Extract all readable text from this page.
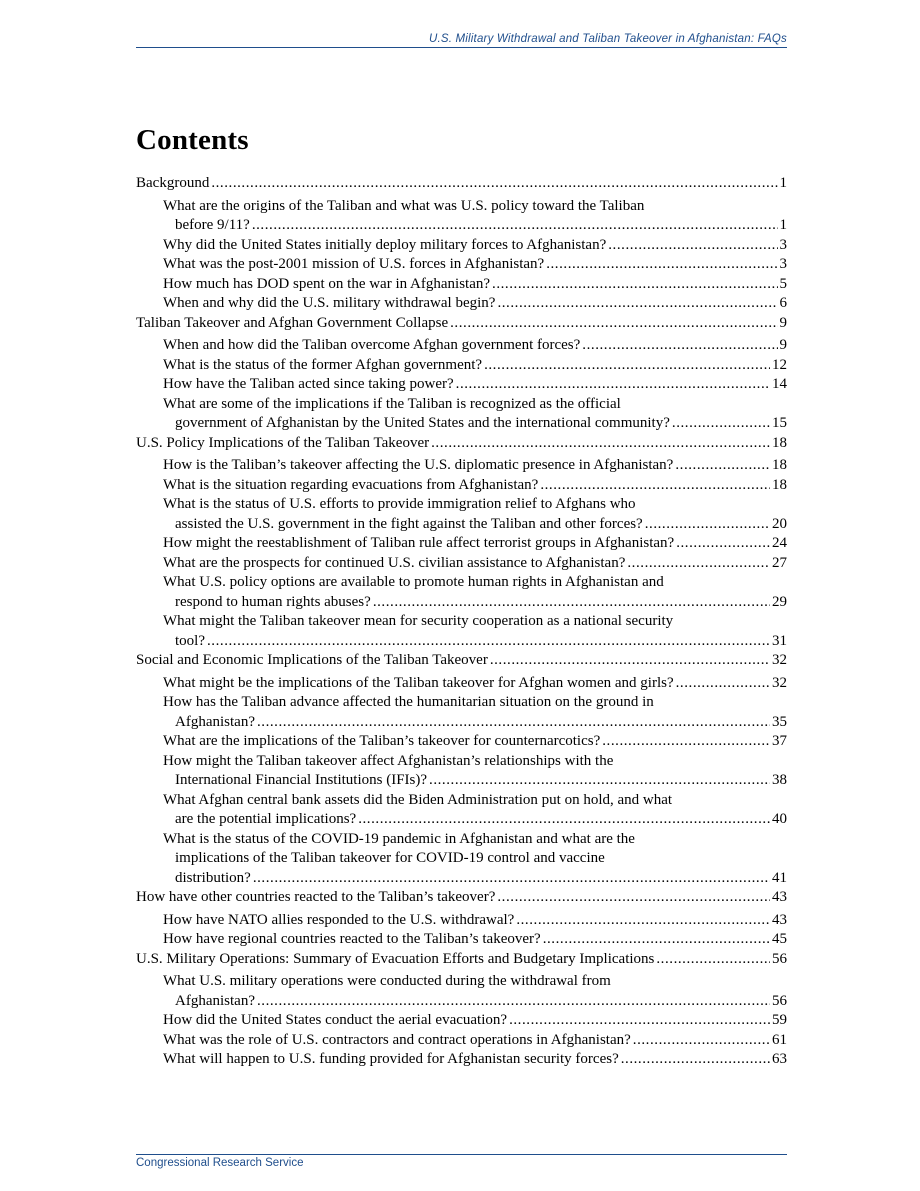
U.S. Military Withdrawal and Taliban Takeover in Afghanistan: FAQs
Contents
Background . . .	1
What are the origins of the Taliban and what was U.S. policy toward the Taliban
before 9/11? . . .	1
Why did the United States initially deploy military forces to Afghanistan? . . .	3
What was the post-2001 mission of U.S. forces in Afghanistan? . . .	3
How much has DOD spent on the war in Afghanistan? . . .	5
When and why did the U.S. military withdrawal begin? . . .	6
Taliban Takeover and Afghan Government Collapse . . .	9
When and how did the Taliban overcome Afghan government forces? . . .	9
What is the status of the former Afghan government? . . .	12
How have the Taliban acted since taking power? . . .	14
What are some of the implications if the Taliban is recognized as the official
government of Afghanistan by the United States and the international community? . . .	15
U.S. Policy Implications of the Taliban Takeover . . .	18
How is the Taliban’s takeover affecting the U.S. diplomatic presence in Afghanistan? . . .	18
What is the situation regarding evacuations from Afghanistan? . . .	18
What is the status of U.S. efforts to provide immigration relief to Afghans who
assisted the U.S. government in the fight against the Taliban and other forces? . . .	20
How might the reestablishment of Taliban rule affect terrorist groups in Afghanistan? . . .	24
What are the prospects for continued U.S. civilian assistance to Afghanistan? . . .	27
What U.S. policy options are available to promote human rights in Afghanistan and
respond to human rights abuses? . . .	29
What might the Taliban takeover mean for security cooperation as a national security
tool? . . .	31
Social and Economic Implications of the Taliban Takeover . . .	32
What might be the implications of the Taliban takeover for Afghan women and girls? . . .	32
How has the Taliban advance affected the humanitarian situation on the ground in
Afghanistan? . . .	35
What are the implications of the Taliban’s takeover for counternarcotics? . . .	37
How might the Taliban takeover affect Afghanistan’s relationships with the
International Financial Institutions (IFIs)? . . .	38
What Afghan central bank assets did the Biden Administration put on hold, and what
are the potential implications? . . .	40
What is the status of the COVID-19 pandemic in Afghanistan and what are the
implications of the Taliban takeover for COVID-19 control and vaccine
distribution? . . .	41
How have other countries reacted to the Taliban’s takeover? . . .	43
How have NATO allies responded to the U.S. withdrawal? . . .	43
How have regional countries reacted to the Taliban’s takeover? . . .	45
U.S. Military Operations: Summary of Evacuation Efforts and Budgetary Implications . . .	56
What U.S. military operations were conducted during the withdrawal from
Afghanistan? . . .	56
How did the United States conduct the aerial evacuation? . . .	59
What was the role of U.S. contractors and contract operations in Afghanistan? . . .	61
What will happen to U.S. funding provided for Afghanistan security forces? . . .	63
Congressional Research Service
